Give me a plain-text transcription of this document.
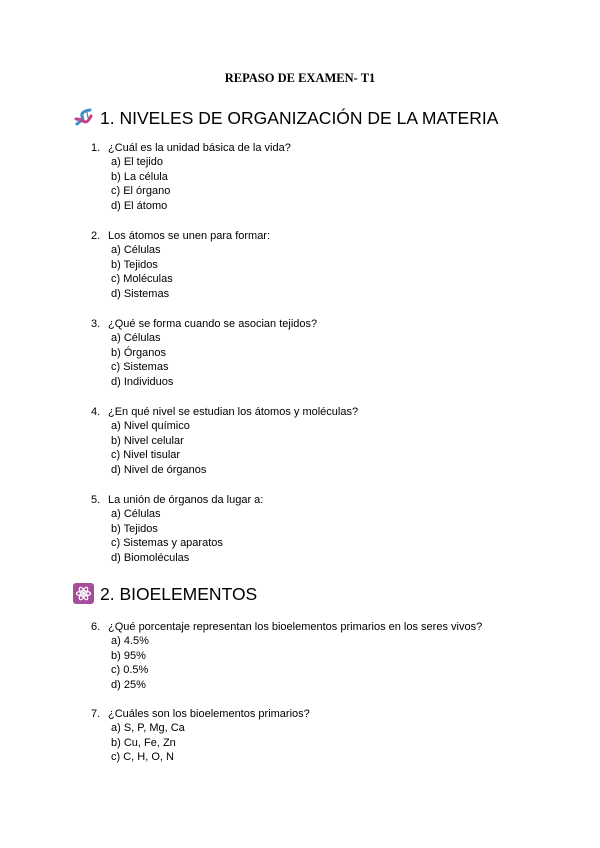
REPASO DE EXAMEN- T1
1. NIVELES DE ORGANIZACIÓN DE LA MATERIA
2. BIOELEMENTOS
1. ¿Cuál es la unidad básica de la vida?
a) El tejido
b) La célula
c) El órgano
d) El átomo
2. Los átomos se unen para formar:
a) Células
b) Tejidos
c) Moléculas
d) Sistemas
3. ¿Qué se forma cuando se asocian tejidos?
a) Células
b) Órganos
c) Sistemas
d) Individuos
4. ¿En qué nivel se estudian los átomos y moléculas?
a) Nivel químico
b) Nivel celular
c) Nivel tisular
d) Nivel de órganos
5. La unión de órganos da lugar a:
a) Células
b) Tejidos
c) Sistemas y aparatos
d) Biomoléculas
6. ¿Qué porcentaje representan los bioelementos primarios en los seres vivos?
a) 4.5%
b) 95%
c) 0.5%
d) 25%
7. ¿Cuáles son los bioelementos primarios?
a) S, P, Mg, Ca
b) Cu, Fe, Zn
c) C, H, O, N
